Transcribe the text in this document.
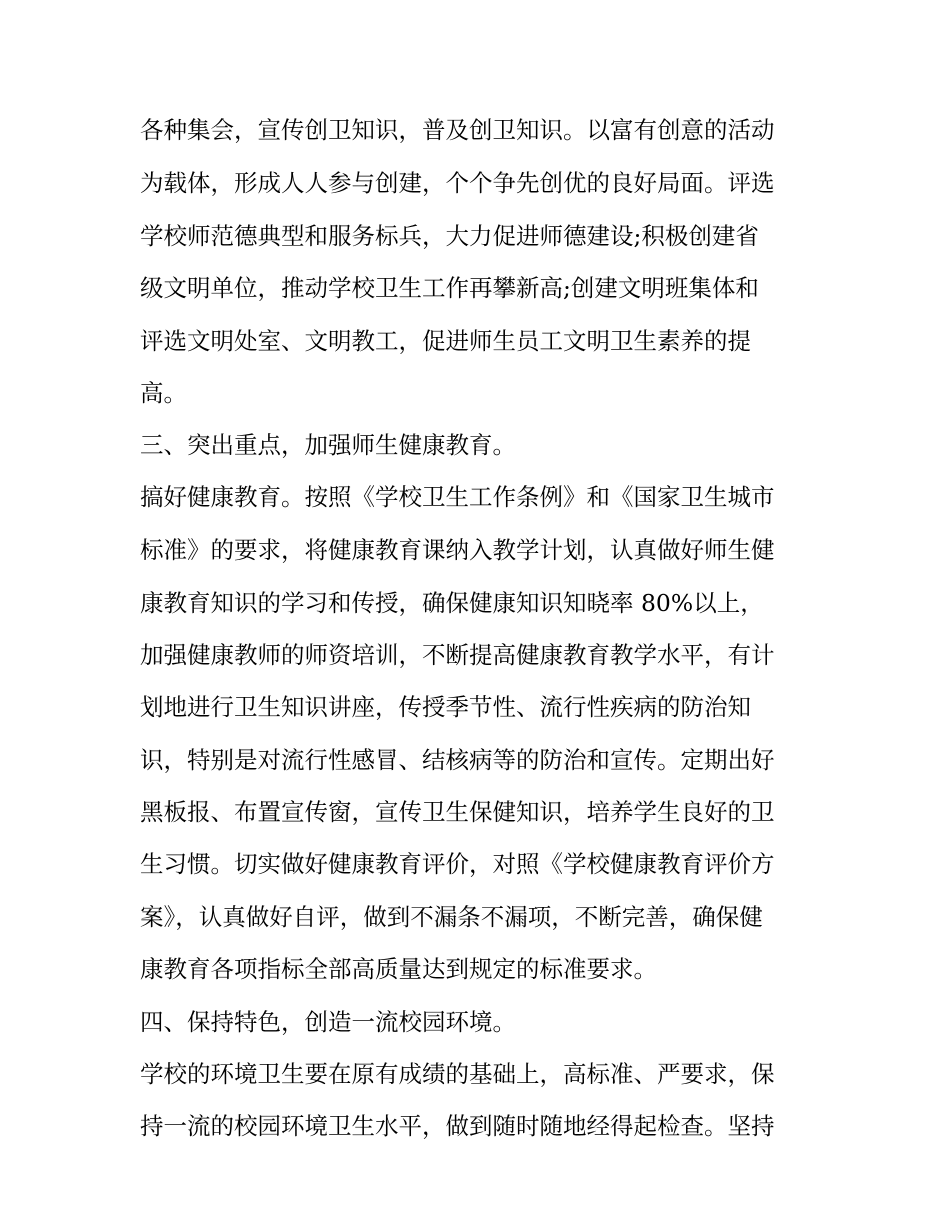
各种集会，宣传创卫知识，普及创卫知识。以富有创意的活动
为载体，形成人人参与创建，个个争先创优的良好局面。评选
学校师范德典型和服务标兵，大力促进师德建设;积极创建省
级文明单位，推动学校卫生工作再攀新高;创建文明班集体和
评选文明处室、文明教工，促进师生员工文明卫生素养的提
高。
三、突出重点，加强师生健康教育。
搞好健康教育。按照《学校卫生工作条例》和《国家卫生城市
标准》的要求，将健康教育课纳入教学计划，认真做好师生健
康教育知识的学习和传授，确保健康知识知晓率 80%以上，
加强健康教师的师资培训，不断提高健康教育教学水平，有计
划地进行卫生知识讲座，传授季节性、流行性疾病的防治知
识，特别是对流行性感冒、结核病等的防治和宣传。定期出好
黑板报、布置宣传窗，宣传卫生保健知识，培养学生良好的卫
生习惯。切实做好健康教育评价，对照《学校健康教育评价方
案》，认真做好自评，做到不漏条不漏项，不断完善，确保健
康教育各项指标全部高质量达到规定的标准要求。
四、保持特色，创造一流校园环境。
学校的环境卫生要在原有成绩的基础上，高标准、严要求，保
持一流的校园环境卫生水平，做到随时随地经得起检查。坚持
